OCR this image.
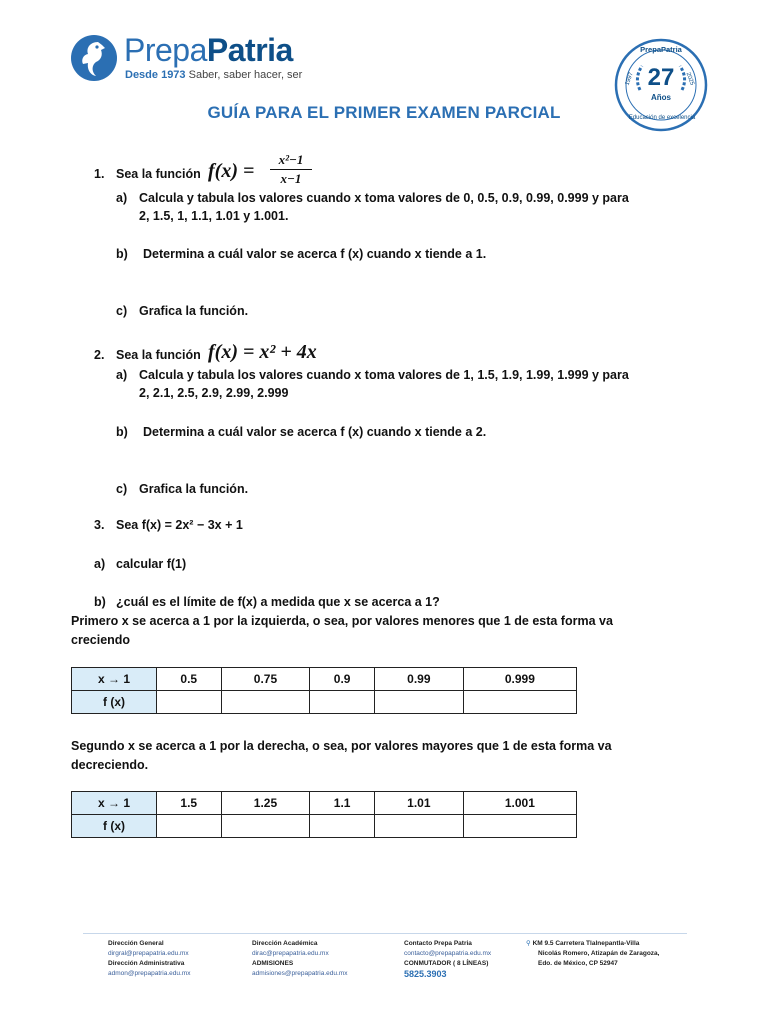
PrepaPatria
Desde 1973 Saber, saber hacer, ser
PrepaPatria
1997	2025
27
Años
Educación de excelencia
GUÍA PARA EL PRIMER EXAMEN PARCIAL
1. Sea la función $f(x) = \frac{\text{x²−1}}{x-1}$
a) Calcula y tabula los valores cuando x toma valores de 0, 0.5, 0.9, 0.99, 0.999 y para
2, 1.5, 1, 1.1, 1.01 y 1.001.
b) Determina a cuál valor se acerca f (x) cuando x tiende a 1.
c) Grafica la función.
2. Sea la función f(x) = x² + 4x
a) Calcula y tabula los valores cuando x toma valores de 1, 1.5, 1.9, 1.99, 1.999 y para
2, 2.1, 2.5, 2.9, 2.99, 2.999
b) Determina a cuál valor se acerca f (x) cuando x tiende a 2.
c) Grafica la función.
3. Sea f(x) = 2x² − 3x + 1
a) calcular f(1)
b) ¿cuál es el límite de f(x) a medida que x se acerca a 1?
Primero x se acerca a 1 por la izquierda, o sea, por valores menores que 1 de esta forma va
creciendo
x → 1	0.5	0.75	0.9	0.99	0.999
f (x)					
Segundo x se acerca a 1 por la derecha, o sea, por valores mayores que 1 de esta forma va
decreciendo.
x → 1	1.5	1.25	1.1	1.01	1.001
f (x)					
Dirección General
dirgral@prepapatria.edu.mx
Dirección Administrativa
admon@prepapatria.edu.mx
Dirección Académica
dirac@prepapatria.edu.mx
ADMISIONES
admisiones@prepapatria.edu.mx
Contacto Prepa Patria
contacto@prepapatria.edu.mx
CONMUTADOR ( 8 LÍNEAS)
5825.3903
⚲ KM 9.5 Carretera Tlalnepantla-Villa
Nicolás Romero, Atizapán de Zaragoza,
Edo. de México, CP 52947
